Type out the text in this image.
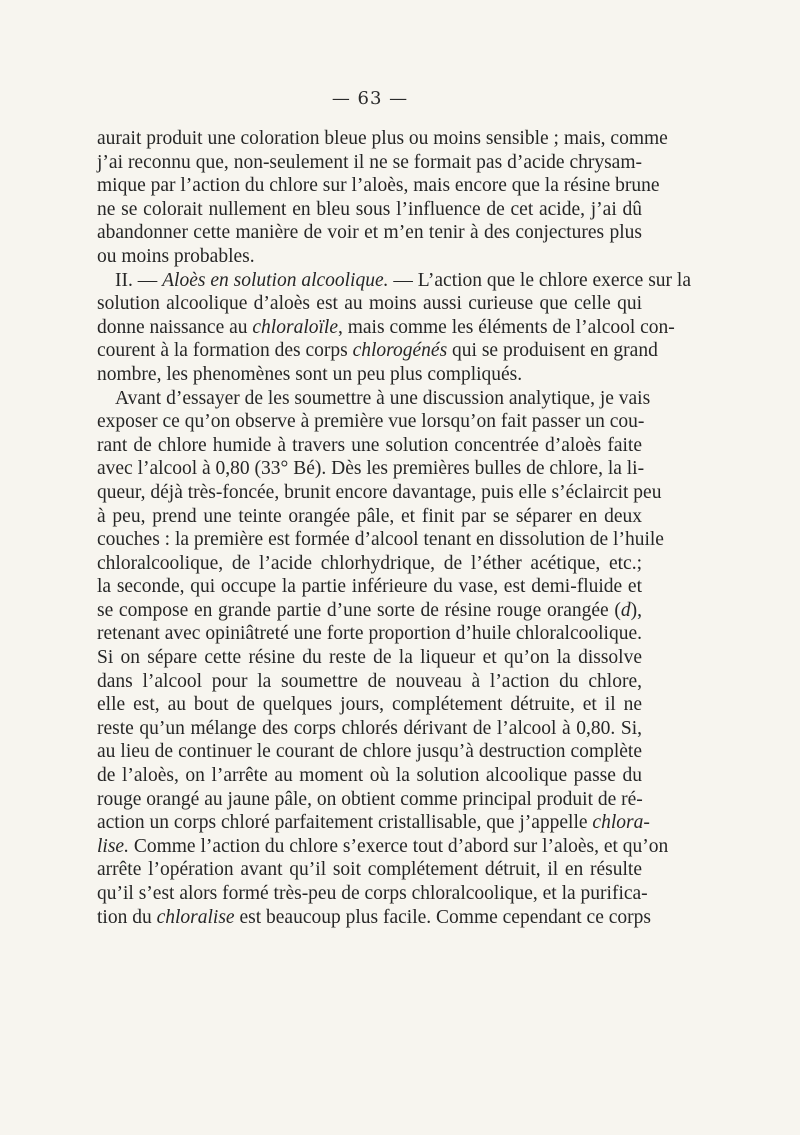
— 63 —
aurait produit une coloration bleue plus ou moins sensible ; mais, comme
j’ai reconnu que, non-seulement il ne se formait pas d’acide chrysam-
mique par l’action du chlore sur l’aloès, mais encore que la résine brune
ne se colorait nullement en bleu sous l’influence de cet acide, j’ai dû
abandonner cette manière de voir et m’en tenir à des conjectures plus
ou moins probables.
II. — Aloès en solution alcoolique. — L’action que le chlore exerce sur la
solution alcoolique d’aloès est au moins aussi curieuse que celle qui
donne naissance au chloraloïle, mais comme les éléments de l’alcool con-
courent à la formation des corps chlorogénés qui se produisent en grand
nombre, les phenomènes sont un peu plus compliqués.
Avant d’essayer de les soumettre à une discussion analytique, je vais
exposer ce qu’on observe à première vue lorsqu’on fait passer un cou-
rant de chlore humide à travers une solution concentrée d’aloès faite
avec l’alcool à 0,80 (33° Bé). Dès les premières bulles de chlore, la li-
queur, déjà très-foncée, brunit encore davantage, puis elle s’éclaircit peu
à peu, prend une teinte orangée pâle, et finit par se séparer en deux
couches : la première est formée d’alcool tenant en dissolution de l’huile
chloralcoolique, de l’acide chlorhydrique, de l’éther acétique, etc.;
la seconde, qui occupe la partie inférieure du vase, est demi-fluide et
se compose en grande partie d’une sorte de résine rouge orangée (d),
retenant avec opiniâtreté une forte proportion d’huile chloralcoolique.
Si on sépare cette résine du reste de la liqueur et qu’on la dissolve
dans l’alcool pour la soumettre de nouveau à l’action du chlore,
elle est, au bout de quelques jours, complétement détruite, et il ne
reste qu’un mélange des corps chlorés dérivant de l’alcool à 0,80. Si,
au lieu de continuer le courant de chlore jusqu’à destruction complète
de l’aloès, on l’arrête au moment où la solution alcoolique passe du
rouge orangé au jaune pâle, on obtient comme principal produit de ré-
action un corps chloré parfaitement cristallisable, que j’appelle chlora-
lise. Comme l’action du chlore s’exerce tout d’abord sur l’aloès, et qu’on
arrête l’opération avant qu’il soit complétement détruit, il en résulte
qu’il s’est alors formé très-peu de corps chloralcoolique, et la purifica-
tion du chloralise est beaucoup plus facile. Comme cependant ce corps
